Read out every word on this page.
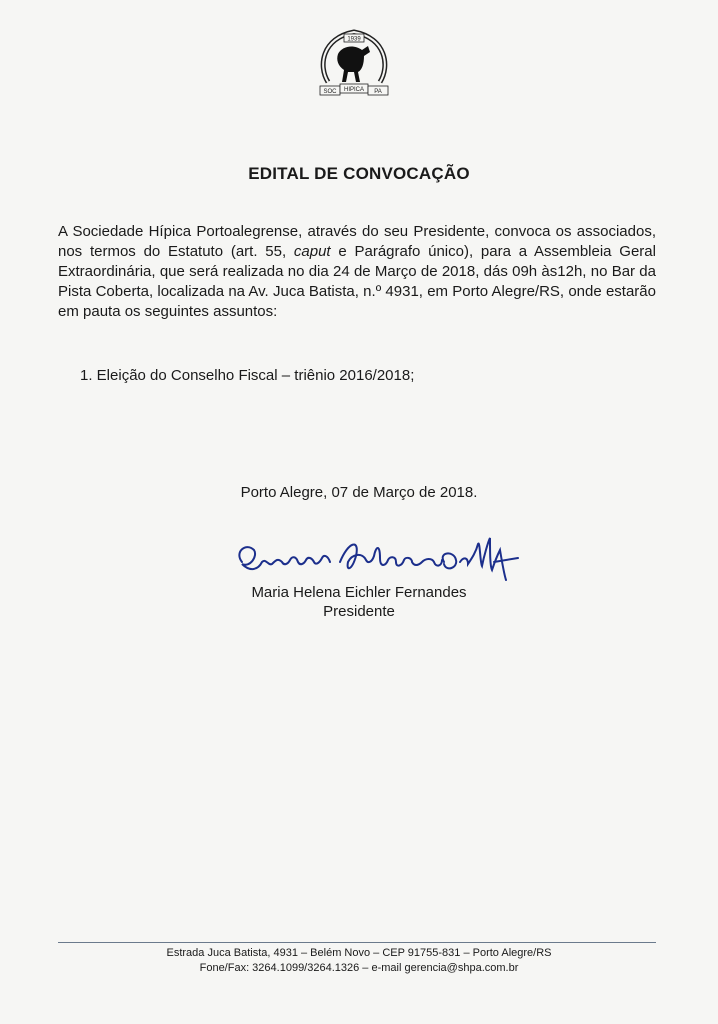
1939
SOC HIPICA PA
EDITAL DE CONVOCAÇÃO
A Sociedade Hípica Portoalegrense, através do seu Presidente, convoca os associados, nos termos do Estatuto (art. 55, caput e Parágrafo único), para a Assembleia Geral Extraordinária, que será realizada no dia 24 de Março de 2018, dás 09h às12h, no Bar da Pista Coberta, localizada na Av. Juca Batista, n.º 4931, em Porto Alegre/RS, onde estarão em pauta os seguintes assuntos:
1. Eleição do Conselho Fiscal – triênio 2016/2018;
Porto Alegre, 07 de Março de 2018.
Maria Helena Eichler Fernandes
Presidente
Estrada Juca Batista, 4931 – Belém Novo – CEP 91755-831 – Porto Alegre/RS
Fone/Fax: 3264.1099/3264.1326 – e-mail gerencia@shpa.com.br
